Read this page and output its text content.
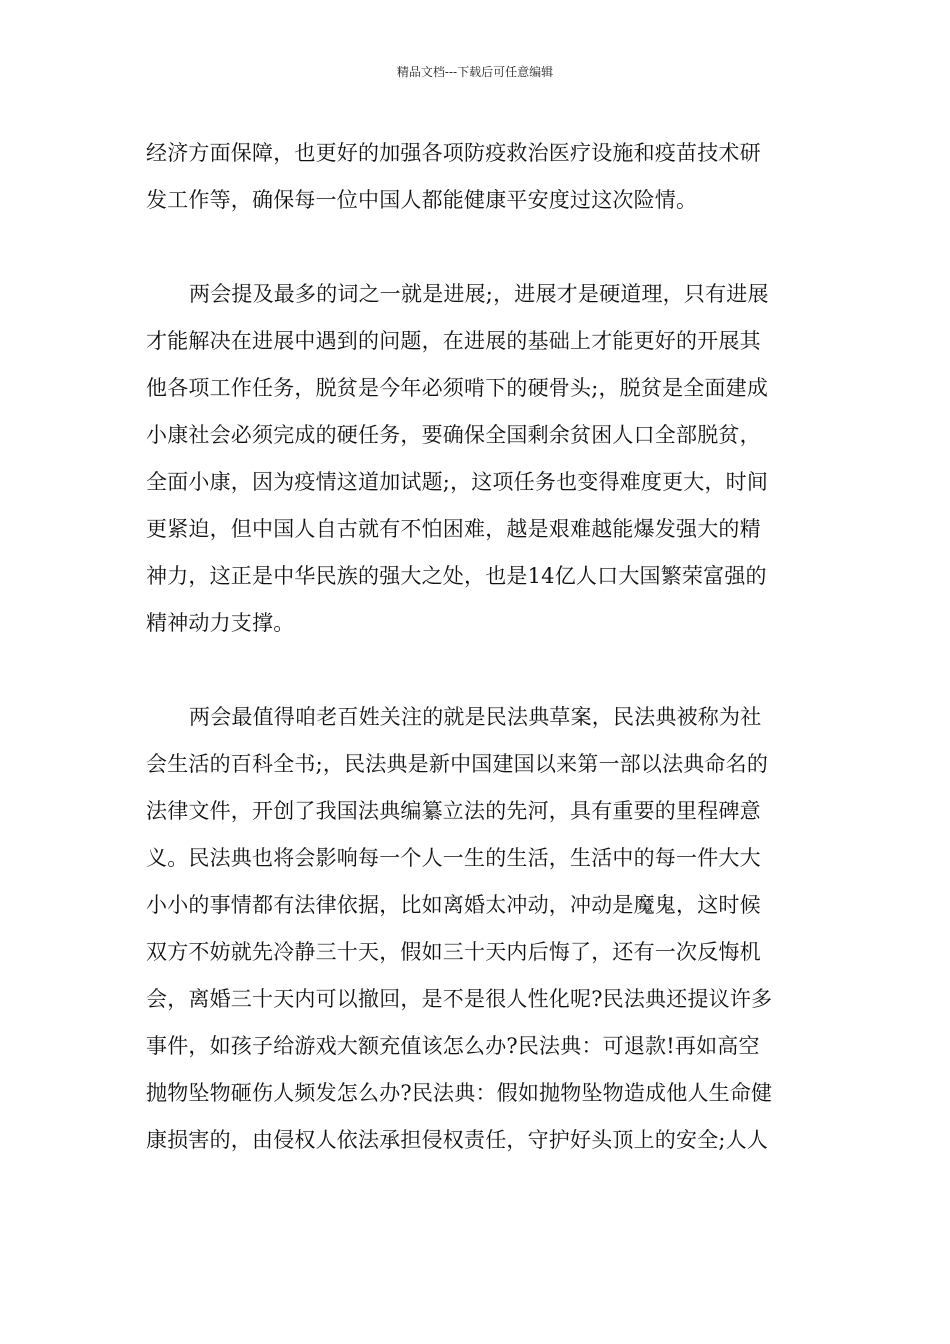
精品文档---下载后可任意编辑
经济方面保障，也更好的加强各项防疫救治医疗设施和疫苗技术研
发工作等，确保每一位中国人都能健康平安度过这次险情。
两会提及最多的词之一就是进展;，进展才是硬道理，只有进展
才能解决在进展中遇到的问题，在进展的基础上才能更好的开展其
他各项工作任务，脱贫是今年必须啃下的硬骨头;，脱贫是全面建成
小康社会必须完成的硬任务，要确保全国剩余贫困人口全部脱贫，
全面小康，因为疫情这道加试题;，这项任务也变得难度更大，时间
更紧迫，但中国人自古就有不怕困难，越是艰难越能爆发强大的精
神力，这正是中华民族的强大之处，也是14亿人口大国繁荣富强的
精神动力支撑。
两会最值得咱老百姓关注的就是民法典草案，民法典被称为社
会生活的百科全书;，民法典是新中国建国以来第一部以法典命名的
法律文件，开创了我国法典编纂立法的先河，具有重要的里程碑意
义。民法典也将会影响每一个人一生的生活，生活中的每一件大大
小小的事情都有法律依据，比如离婚太冲动，冲动是魔鬼，这时候
双方不妨就先冷静三十天，假如三十天内后悔了，还有一次反悔机
会，离婚三十天内可以撤回，是不是很人性化呢?民法典还提议许多
事件，如孩子给游戏大额充值该怎么办?民法典：可退款!再如高空
抛物坠物砸伤人频发怎么办?民法典：假如抛物坠物造成他人生命健
康损害的，由侵权人依法承担侵权责任，守护好头顶上的安全;人人
